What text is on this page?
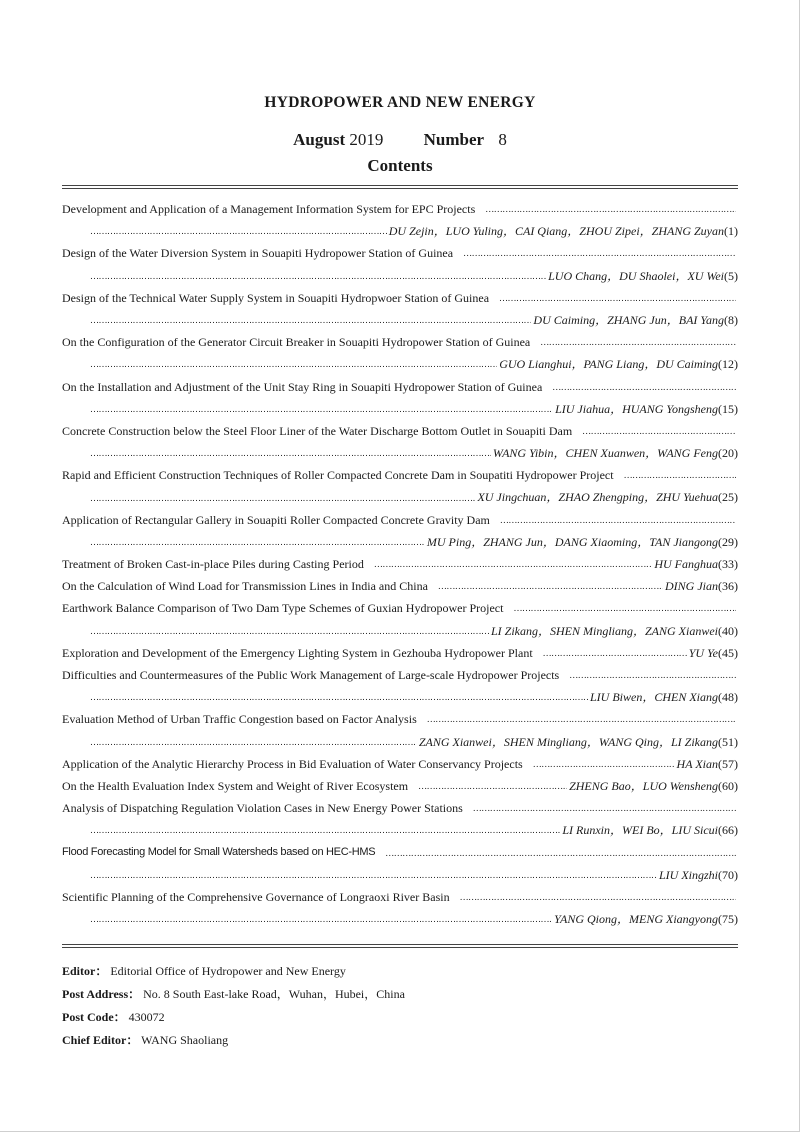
HYDROPOWER AND NEW ENERGY
August 2019 Number 8
Contents
Development and Application of a Management Information System for EPC Projects
……………………………………………………………………………………………………………………………………………………………………………………
……………………………………………………………………………………………………………………………………………………………………………………
DU Zejin，LUO Yuling，CAI Qiang，ZHOU Zipei，ZHANG Zuyan (1)
Design of the Water Diversion System in Souapiti Hydropower Station of Guinea
……………………………………………………………………………………………………………………………………………………………………………………
……………………………………………………………………………………………………………………………………………………………………………………
LUO Chang，DU Shaolei，XU Wei (5)
Design of the Technical Water Supply System in Souapiti Hydropwoer Station of Guinea
……………………………………………………………………………………………………………………………………………………………………………………
……………………………………………………………………………………………………………………………………………………………………………………
DU Caiming，ZHANG Jun，BAI Yang (8)
On the Configuration of the Generator Circuit Breaker in Souapiti Hydropower Station of Guinea
……………………………………………………………………………………………………………………………………………………………………………………
……………………………………………………………………………………………………………………………………………………………………………………
GUO Lianghui，PANG Liang，DU Caiming (12)
On the Installation and Adjustment of the Unit Stay Ring in Souapiti Hydropower Station of Guinea
……………………………………………………………………………………………………………………………………………………………………………………
……………………………………………………………………………………………………………………………………………………………………………………
LIU Jiahua，HUANG Yongsheng (15)
Concrete Construction below the Steel Floor Liner of the Water Discharge Bottom Outlet in Souapiti Dam
……………………………………………………………………………………………………………………………………………………………………………………
……………………………………………………………………………………………………………………………………………………………………………………
WANG Yibin，CHEN Xuanwen，WANG Feng (20)
Rapid and Efficient Construction Techniques of Roller Compacted Concrete Dam in Soupatiti Hydropower Project
……………………………………………………………………………………………………………………………………………………………………………………
……………………………………………………………………………………………………………………………………………………………………………………
XU Jingchuan，ZHAO Zhengping，ZHU Yuehua (25)
Application of Rectangular Gallery in Souapiti Roller Compacted Concrete Gravity Dam
……………………………………………………………………………………………………………………………………………………………………………………
……………………………………………………………………………………………………………………………………………………………………………………
MU Ping，ZHANG Jun，DANG Xiaoming，TAN Jiangong (29)
Treatment of Broken Cast-in-place Piles during Casting Period ……………………………………………………………………………………………………………………………………………………………………………………	HU Fanghua (33)
On the Calculation of Wind Load for Transmission Lines in India and China ……………………………………………………………………………………………………………………………………………………………………………………	DING Jian (36)
Earthwork Balance Comparison of Two Dam Type Schemes of Guxian Hydropower Project
……………………………………………………………………………………………………………………………………………………………………………………
……………………………………………………………………………………………………………………………………………………………………………………
LI Zikang，SHEN Mingliang，ZANG Xianwei (40)
Exploration and Development of the Emergency Lighting System in Gezhouba Hydropower Plant ……………………………………………………………………………………………………………………………………………………………………………………	YU Ye (45)
Difficulties and Countermeasures of the Public Work Management of Large-scale Hydropower Projects
……………………………………………………………………………………………………………………………………………………………………………………
……………………………………………………………………………………………………………………………………………………………………………………
LIU Biwen，CHEN Xiang (48)
Evaluation Method of Urban Traffic Congestion based on Factor Analysis
……………………………………………………………………………………………………………………………………………………………………………………
……………………………………………………………………………………………………………………………………………………………………………………
ZANG Xianwei，SHEN Mingliang，WANG Qing，LI Zikang (51)
Application of the Analytic Hierarchy Process in Bid Evaluation of Water Conservancy Projects ……………………………………………………………………………………………………………………………………………………………………………………	HA Xian (57)
On the Health Evaluation Index System and Weight of River Ecosystem ……………………………………………………………………………………………………………………………………………………………………………………	ZHENG Bao，LUO Wensheng (60)
Analysis of Dispatching Regulation Violation Cases in New Energy Power Stations
……………………………………………………………………………………………………………………………………………………………………………………
……………………………………………………………………………………………………………………………………………………………………………………
LI Runxin，WEI Bo，LIU Sicui (66)
Flood Forecasting Model for Small Watersheds based on HEC-HMS
……………………………………………………………………………………………………………………………………………………………………………………
……………………………………………………………………………………………………………………………………………………………………………………
LIU Xingzhi (70)
Scientific Planning of the Comprehensive Governance of Longraoxi River Basin
……………………………………………………………………………………………………………………………………………………………………………………
……………………………………………………………………………………………………………………………………………………………………………………
YANG Qiong，MENG Xiangyong (75)
Editor： Editorial Office of Hydropower and New Energy
Post Address： No. 8 South East-lake Road，Wuhan，Hubei，China
Post Code： 430072
Chief Editor： WANG Shaoliang
